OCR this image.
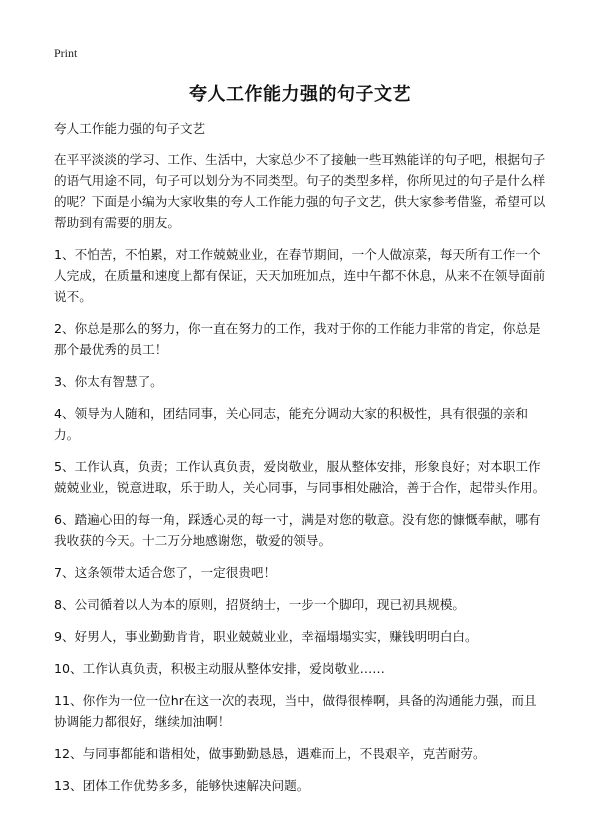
Print
夸人工作能力强的句子文艺

夸人工作能力强的句子文艺

在平平淡淡的学习、工作、生活中，大家总少不了接触一些耳熟能详的句子吧，根据句子的语气用途不同，句子可以划分为不同类型。句子的类型多样，你所见过的句子是什么样的呢？下面是小编为大家收集的夸人工作能力强的句子文艺，供大家参考借鉴，希望可以帮助到有需要的朋友。

1、不怕苦，不怕累，对工作兢兢业业，在春节期间，一个人做凉菜，每天所有工作一个人完成，在质量和速度上都有保证，天天加班加点，连中午都不休息，从来不在领导面前说不。

2、你总是那么的努力，你一直在努力的工作，我对于你的工作能力非常的肯定，你总是那个最优秀的员工！

3、你太有智慧了。

4、领导为人随和，团结同事，关心同志，能充分调动大家的积极性，具有很强的亲和力。

5、工作认真，负责；工作认真负责，爱岗敬业，服从整体安排，形象良好；对本职工作兢兢业业，锐意进取，乐于助人，关心同事，与同事相处融洽，善于合作，起带头作用。

6、踏遍心田的每一角，踩透心灵的每一寸，满是对您的敬意。没有您的慷慨奉献，哪有我收获的今天。十二万分地感谢您，敬爱的领导。

7、这条领带太适合您了，一定很贵吧！

8、公司循着以人为本的原则，招贤纳士，一步一个脚印，现已初具规模。

9、好男人，事业勤勤肯肯，职业兢兢业业，幸福塌塌实实，赚钱明明白白。

10、工作认真负责，积极主动服从整体安排，爱岗敬业……

11、你作为一位一位hr在这一次的表现，当中，做得很棒啊，具备的沟通能力强，而且协调能力都很好，继续加油啊！

12、与同事都能和谐相处，做事勤勤恳恳，遇难而上，不畏艰辛，克苦耐劳。

13、团体工作优势多多，能够快速解决问题。
